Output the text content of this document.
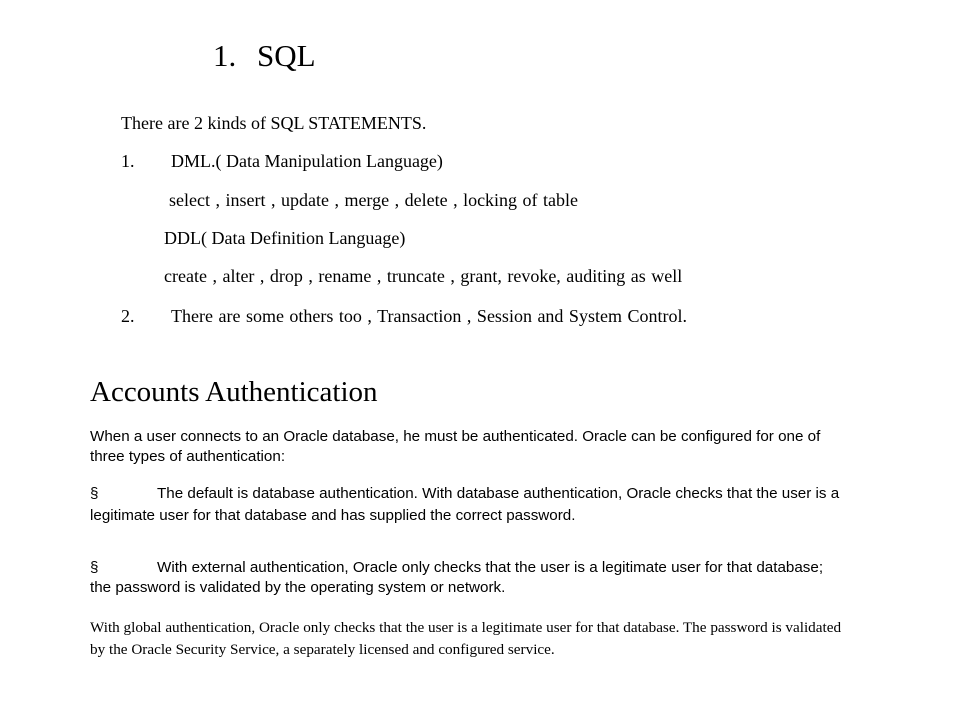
1. SQL
There are 2 kinds of SQL STATEMENTS.
1. DML.( Data Manipulation Language)
select , insert , update , merge , delete , locking of table
DDL( Data Definition Language)
create , alter , drop , rename , truncate , grant, revoke, auditing as well
2. There are some others too , Transaction , Session and System Control.
Accounts Authentication
When a user connects to an Oracle database, he must be authenticated. Oracle can be configured for one of three types of authentication:
§	The default is database authentication. With database authentication, Oracle checks that the user is a legitimate user for that database and has supplied the correct password.
§	With external authentication, Oracle only checks that the user is a legitimate user for that database; the password is validated by the operating system or network.
With global authentication, Oracle only checks that the user is a legitimate user for that database. The password is validated by the Oracle Security Service, a separately licensed and configured service.
